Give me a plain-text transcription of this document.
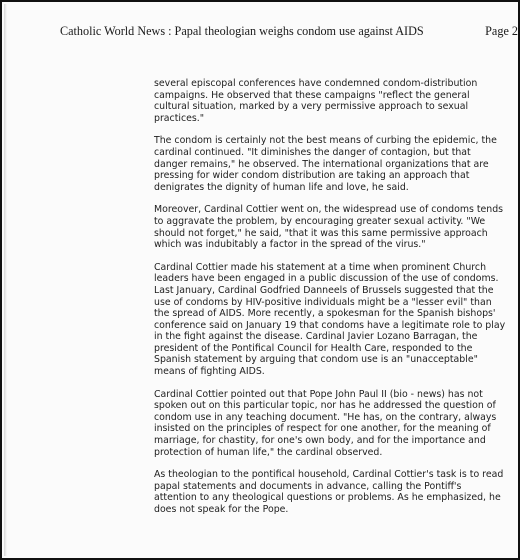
Catholic World News : Papal theologian weighs condom use against AIDS	Page 2

several episcopal conferences have condemned condom-distribution campaigns. He observed that these campaigns "reflect the general cultural situation, marked by a very permissive approach to sexual practices."

The condom is certainly not the best means of curbing the epidemic, the cardinal continued. "It diminishes the danger of contagion, but that danger remains," he observed. The international organizations that are pressing for wider condom distribution are taking an approach that denigrates the dignity of human life and love, he said.

Moreover, Cardinal Cottier went on, the widespread use of condoms tends to aggravate the problem, by encouraging greater sexual activity. "We should not forget," he said, "that it was this same permissive approach which was indubitably a factor in the spread of the virus."

Cardinal Cottier made his statement at a time when prominent Church leaders have been engaged in a public discussion of the use of condoms. Last January, Cardinal Godfried Danneels of Brussels suggested that the use of condoms by HIV-positive individuals might be a "lesser evil" than the spread of AIDS. More recently, a spokesman for the Spanish bishops' conference said on January 19 that condoms have a legitimate role to play in the fight against the disease. Cardinal Javier Lozano Barragan, the president of the Pontifical Council for Health Care, responded to the Spanish statement by arguing that condom use is an "unacceptable" means of fighting AIDS.

Cardinal Cottier pointed out that Pope John Paul II (bio - news) has not spoken out on this particular topic, nor has he addressed the question of condom use in any teaching document. "He has, on the contrary, always insisted on the principles of respect for one another, for the meaning of marriage, for chastity, for one's own body, and for the importance and protection of human life," the cardinal observed.

As theologian to the pontifical household, Cardinal Cottier's task is to read papal statements and documents in advance, calling the Pontiff's attention to any theological questions or problems. As he emphasized, he does not speak for the Pope.
